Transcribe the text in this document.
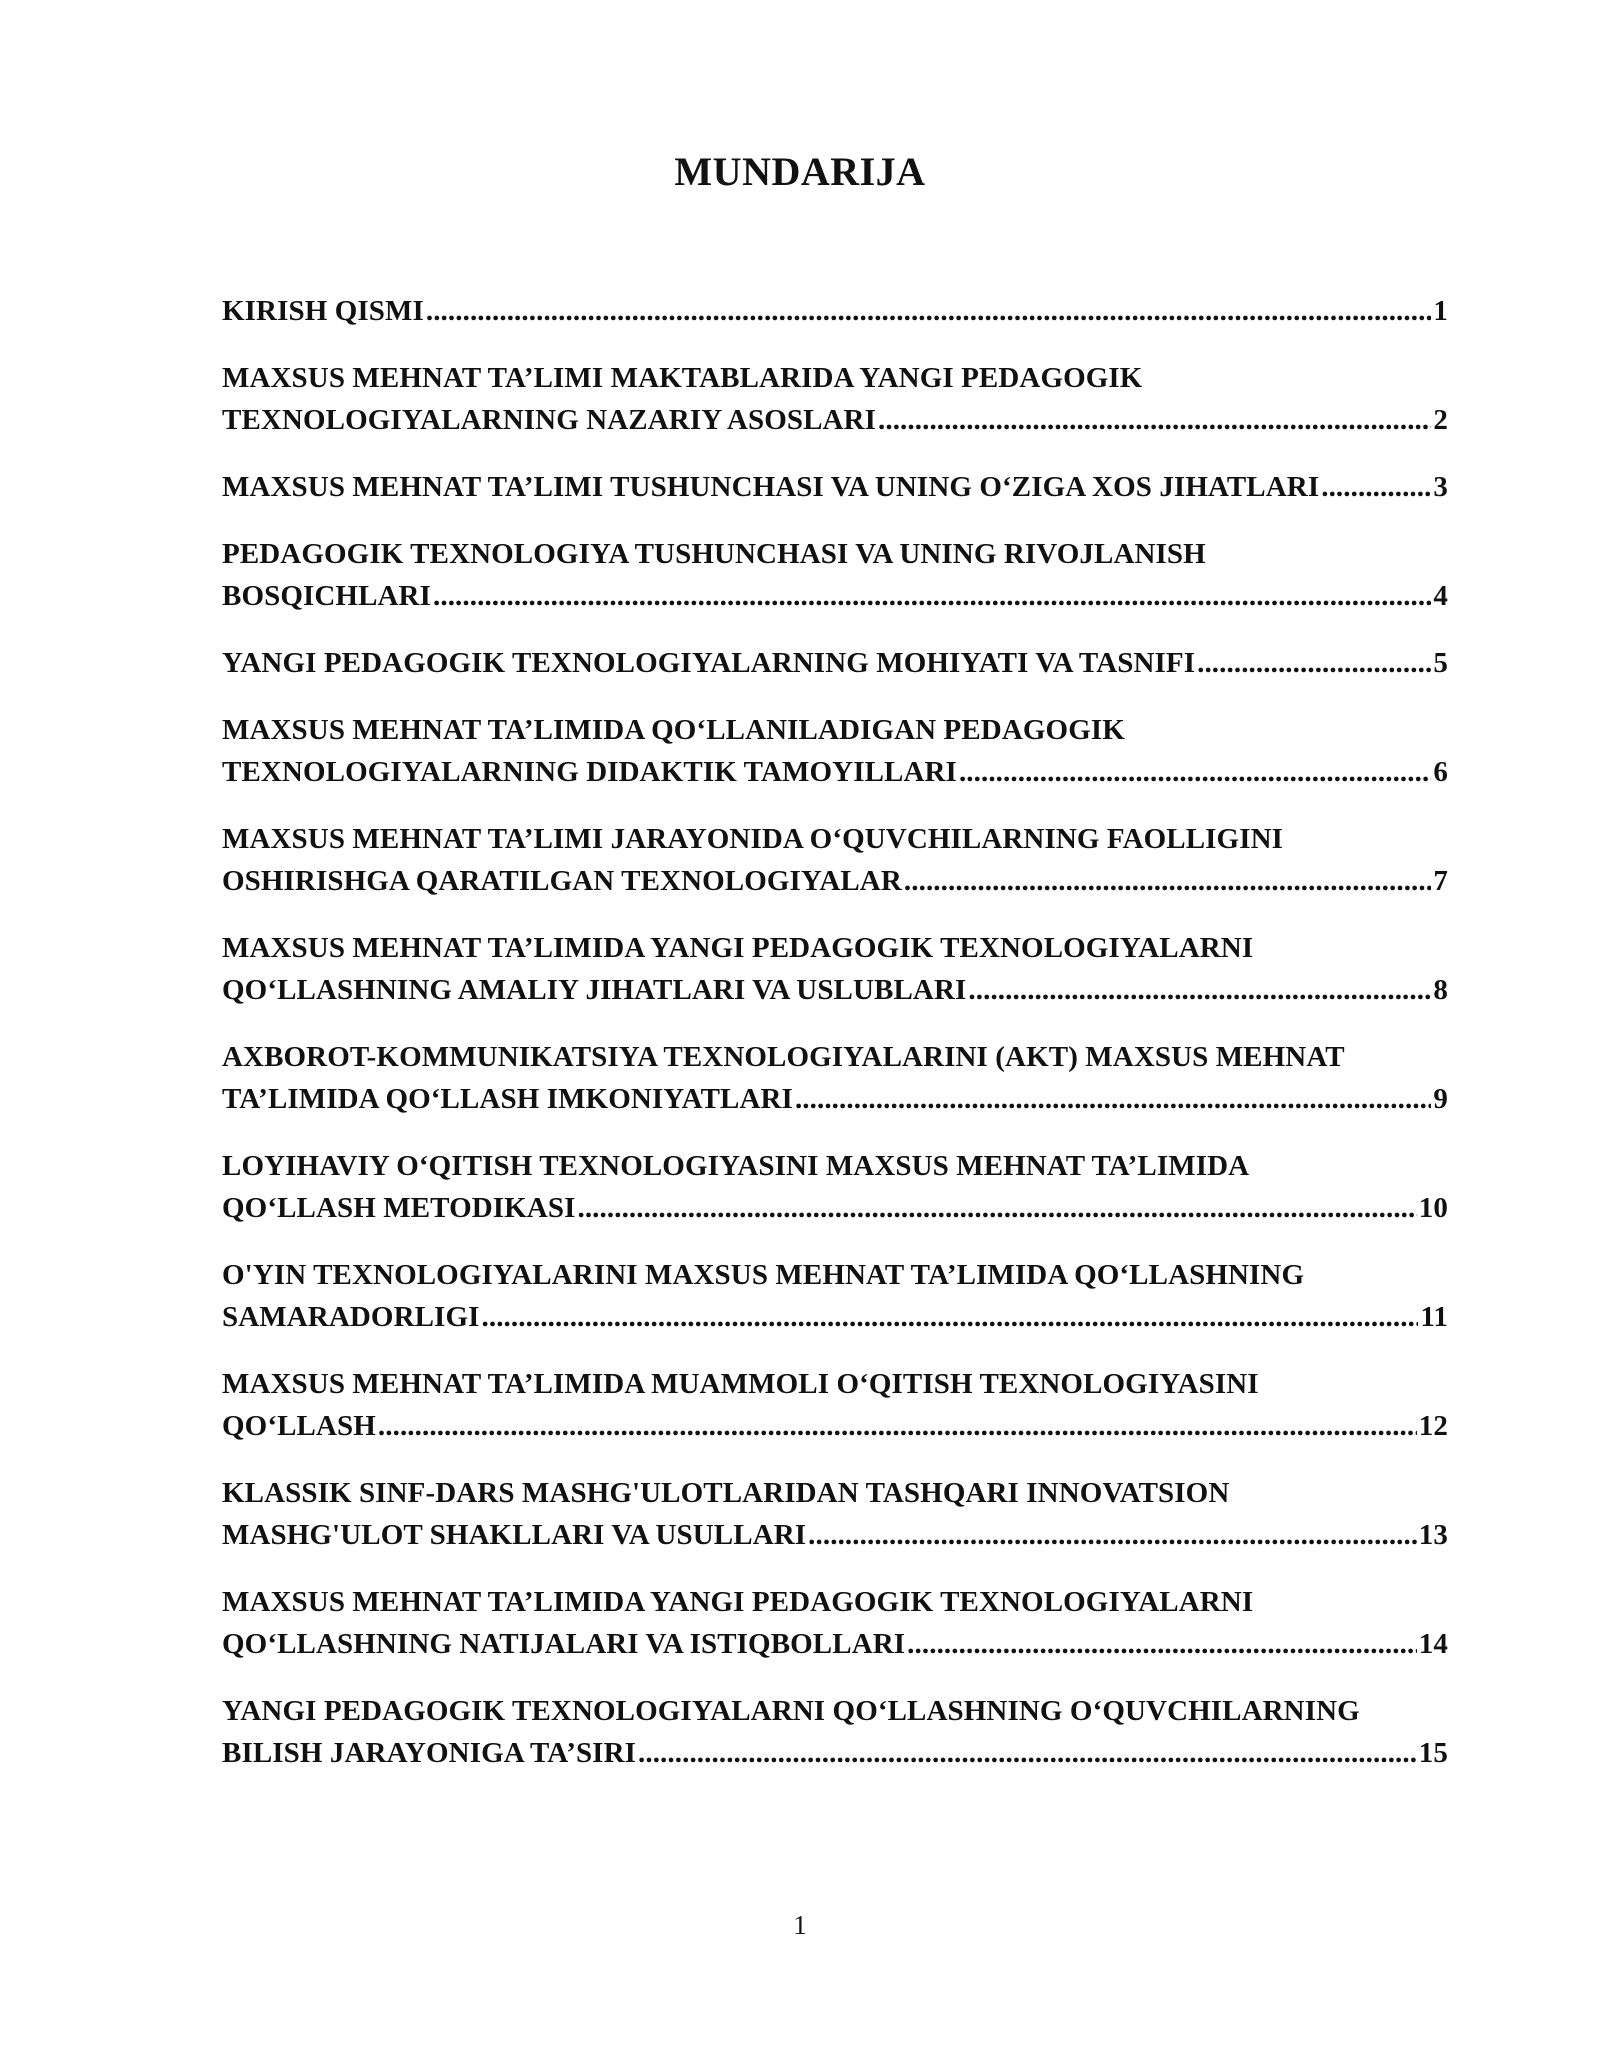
MUNDARIJA
KIRISH QISMI .....	1
MAXSUS MEHNAT TA’LIMI MAKTABLARIDA YANGI PEDAGOGIK
TEXNOLOGIYALARNING NAZARIY ASOSLARI .....	2
MAXSUS MEHNAT TA’LIMI TUSHUNCHASI VA UNING O‘ZIGA XOS JIHATLARI .....	3
PEDAGOGIK TEXNOLOGIYA TUSHUNCHASI VA UNING RIVOJLANISH
BOSQICHLARI .....	4
YANGI PEDAGOGIK TEXNOLOGIYALARNING MOHIYATI VA TASNIFI .....	5
MAXSUS MEHNAT TA’LIMIDA QO‘LLANILADIGAN PEDAGOGIK
TEXNOLOGIYALARNING DIDAKTIK TAMOYILLARI .....	6
MAXSUS MEHNAT TA’LIMI JARAYONIDA O‘QUVCHILARNING FAOLLIGINI
OSHIRISHGA QARATILGAN TEXNOLOGIYALAR .....	7
MAXSUS MEHNAT TA’LIMIDA YANGI PEDAGOGIK TEXNOLOGIYALARNI
QO‘LLASHNING AMALIY JIHATLARI VA USLUBLARI .....	8
AXBOROT-KOMMUNIKATSIYA TEXNOLOGIYALARINI (AKT) MAXSUS MEHNAT
TA’LIMIDA QO‘LLASH IMKONIYATLARI .....	9
LOYIHAVIY O‘QITISH TEXNOLOGIYASINI MAXSUS MEHNAT TA’LIMIDA
QO‘LLASH METODIKASI .....	10
O'YIN TEXNOLOGIYALARINI MAXSUS MEHNAT TA’LIMIDA QO‘LLASHNING
SAMARADORLIGI .....	11
MAXSUS MEHNAT TA’LIMIDA MUAMMOLI O‘QITISH TEXNOLOGIYASINI
QO‘LLASH .....	12
KLASSIK SINF-DARS MASHG'ULOTLARIDAN TASHQARI INNOVATSION
MASHG'ULOT SHAKLLARI VA USULLARI .....	13
MAXSUS MEHNAT TA’LIMIDA YANGI PEDAGOGIK TEXNOLOGIYALARNI
QO‘LLASHNING NATIJALARI VA ISTIQBOLLARI .....	14
YANGI PEDAGOGIK TEXNOLOGIYALARNI QO‘LLASHNING O‘QUVCHILARNING
BILISH JARAYONIGA TA’SIRI .....	15

1
